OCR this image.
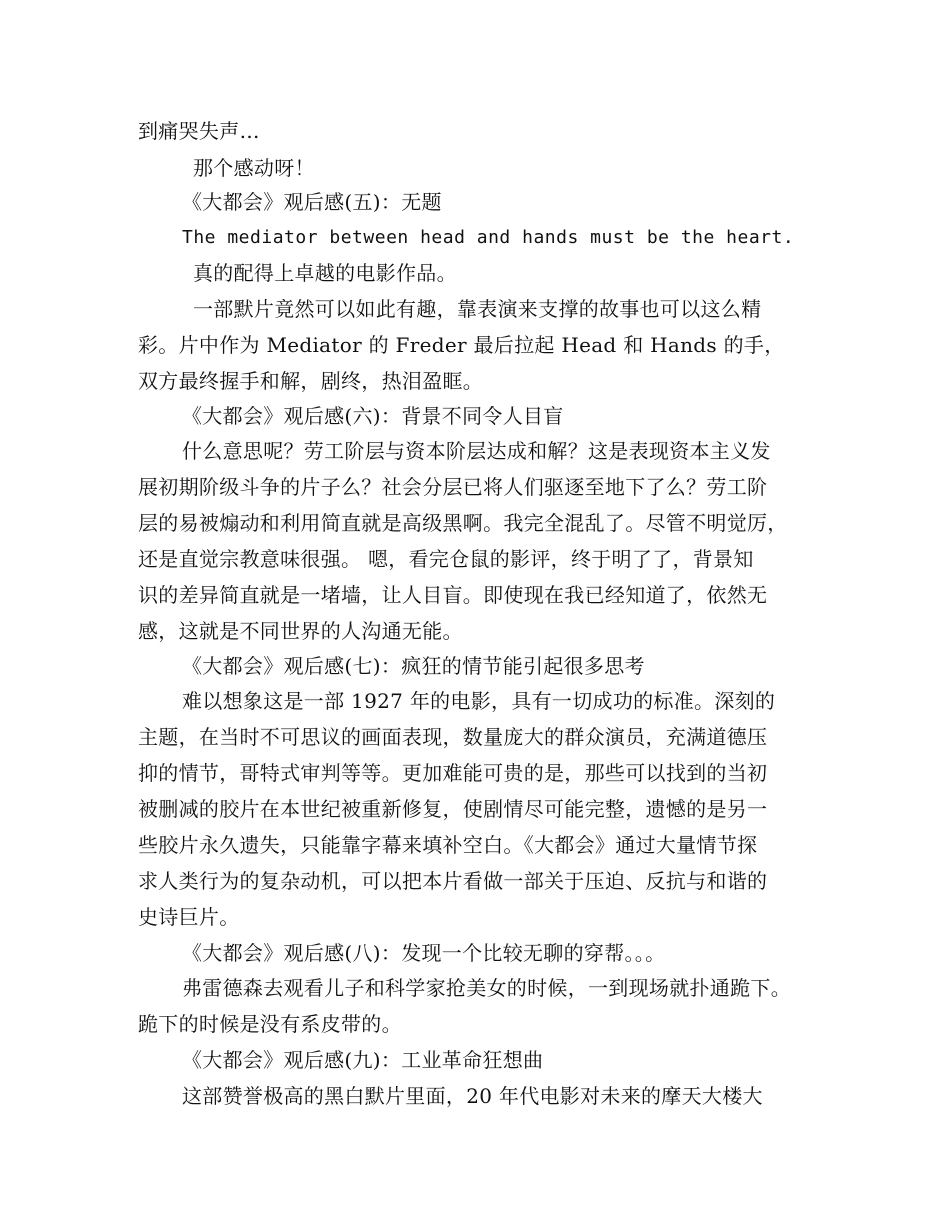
到痛哭失声…
那个感动呀！
《大都会》观后感(五)：无题
The mediator between head and hands must be the heart.
真的配得上卓越的电影作品。
一部默片竟然可以如此有趣，靠表演来支撑的故事也可以这么精
彩。片中作为 Mediator 的 Freder 最后拉起 Head 和 Hands 的手，
双方最终握手和解，剧终，热泪盈眶。
《大都会》观后感(六)：背景不同令人目盲
什么意思呢？劳工阶层与资本阶层达成和解？这是表现资本主义发
展初期阶级斗争的片子么？社会分层已将人们驱逐至地下了么？劳工阶
层的易被煽动和利用简直就是高级黑啊。我完全混乱了。尽管不明觉厉，
还是直觉宗教意味很强。 嗯，看完仓鼠的影评，终于明了了，背景知
识的差异简直就是一堵墙，让人目盲。即使现在我已经知道了，依然无
感，这就是不同世界的人沟通无能。
《大都会》观后感(七)：疯狂的情节能引起很多思考
难以想象这是一部 1927 年的电影，具有一切成功的标准。深刻的
主题，在当时不可思议的画面表现，数量庞大的群众演员，充满道德压
抑的情节，哥特式审判等等。更加难能可贵的是，那些可以找到的当初
被删减的胶片在本世纪被重新修复，使剧情尽可能完整，遗憾的是另一
些胶片永久遗失，只能靠字幕来填补空白。《大都会》通过大量情节探
求人类行为的复杂动机，可以把本片看做一部关于压迫、反抗与和谐的
史诗巨片。
《大都会》观后感(八)：发现一个比较无聊的穿帮。。。
弗雷德森去观看儿子和科学家抢美女的时候，一到现场就扑通跪下。
跪下的时候是没有系皮带的。
《大都会》观后感(九)：工业革命狂想曲
这部赞誉极高的黑白默片里面，20 年代电影对未来的摩天大楼大
